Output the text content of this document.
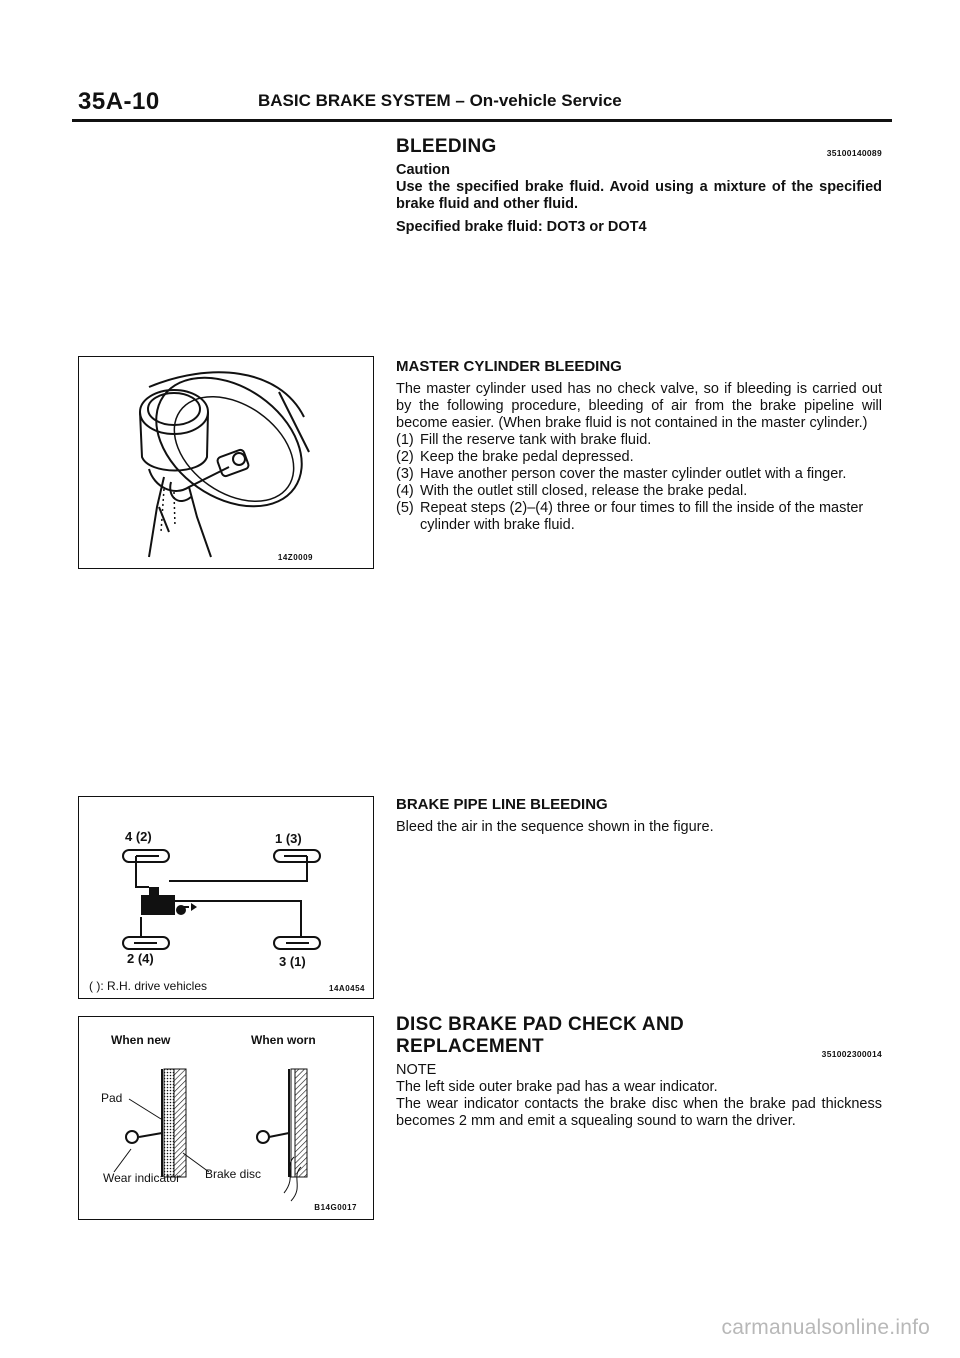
35A-10	BASIC BRAKE SYSTEM – On-vehicle Service
BLEEDING	35100140089
Caution

Use the specified brake fluid. Avoid using a mixture of the specified brake fluid and other fluid.

Specified brake fluid: DOT3 or DOT4
MASTER CYLINDER BLEEDING

The master cylinder used has no check valve, so if bleeding is carried out by the following procedure, bleeding of air from the brake pipeline will become easier. (When brake fluid is not contained in the master cylinder.)

(1) Fill the reserve tank with brake fluid.
(2) Keep the brake pedal depressed.
(3) Have another person cover the master cylinder outlet with a finger.
(4) With the outlet still closed, release the brake pedal.
(5) Repeat steps (2)–(4) three or four times to fill the inside of the master cylinder with brake fluid.
BRAKE PIPE LINE BLEEDING

Bleed the air in the sequence shown in the figure.

DISC BRAKE PAD CHECK AND
REPLACEMENT	351002300014
NOTE
The left side outer brake pad has a wear indicator.

The wear indicator contacts the brake disc when the brake pad thickness becomes 2 mm and emit a squealing sound to warn the driver.

14Z0009
4 (2)	1 (3)
2 (4)	3 (1)
( ): R.H. drive vehicles	14A0454
When new	When worn
Pad
Wear indicator Brake disc
B14G0017
carmanualsonline.info
